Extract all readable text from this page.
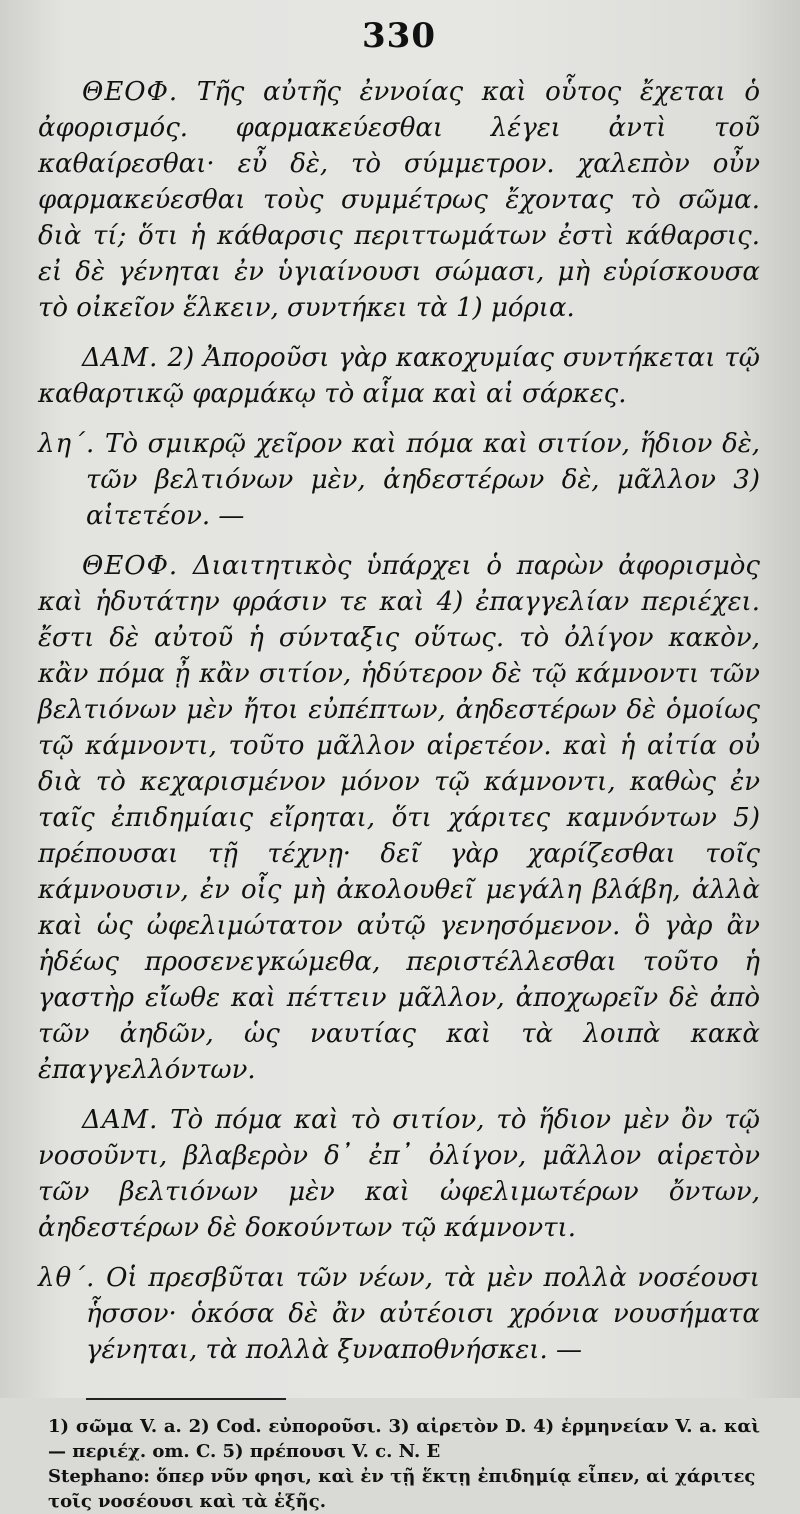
330

ΘΕΟΦ. Τῆς αὐτῆς ἐννοίας καὶ οὗτος ἔχεται ὁ ἀφορισμός. φαρμακεύεσθαι λέγει ἀντὶ τοῦ καθαίρεσθαι· εὖ δὲ, τὸ σύμμετρον. χαλεπὸν οὖν φαρμακεύεσθαι τοὺς συμμέτρως ἔχοντας τὸ σῶμα. διὰ τί; ὅτι ἡ κάθαρσις περιττωμάτων ἐστὶ κάθαρσις. εἰ δὲ γένηται ἐν ὑγιαίνουσι σώμασι, μὴ εὑρίσκουσα τὸ οἰκεῖον ἕλκειν, συντήκει τὰ 1) μόρια.

ΔΑΜ. 2) Ἀποροῦσι γὰρ κακοχυμίας συντήκεται τῷ καθαρτικῷ φαρμάκῳ τὸ αἷμα καὶ αἱ σάρκες.

λη΄. Τὸ σμικρῷ χεῖρον καὶ πόμα καὶ σιτίον, ἥδιον δὲ, τῶν βελτιόνων μὲν, ἀηδεστέρων δὲ, μᾶλλον 3) αἱτετέον. —

ΘΕΟΦ. Διαιτητικὸς ὑπάρχει ὁ παρὼν ἀφορισμὸς καὶ ἡδυτάτην φράσιν τε καὶ 4) ἐπαγγελίαν περιέχει. ἔστι δὲ αὐτοῦ ἡ σύνταξις οὕτως. τὸ ὀλίγον κακὸν, κἂν πόμα ᾖ κἂν σιτίον, ἡδύτερον δὲ τῷ κάμνοντι τῶν βελτιόνων μὲν ἤτοι εὐπέπτων, ἀηδεστέρων δὲ ὁμοίως τῷ κάμνοντι, τοῦτο μᾶλλον αἱρετέον. καὶ ἡ αἰτία οὐ διὰ τὸ κεχαρισμένον μόνον τῷ κάμνοντι, καθὼς ἐν ταῖς ἐπιδημίαις εἴρηται, ὅτι χάριτες καμνόντων 5) πρέπουσαι τῇ τέχνῃ· δεῖ γὰρ χαρίζεσθαι τοῖς κάμνουσιν, ἐν οἷς μὴ ἀκολουθεῖ μεγάλη βλάβη, ἀλλὰ καὶ ὡς ὠφελιμώτατον αὐτῷ γενησόμενον. ὃ γὰρ ἂν ἡδέως προσενεγκώμεθα, περιστέλλεσθαι τοῦτο ἡ γαστὴρ εἴωθε καὶ πέττειν μᾶλλον, ἀποχωρεῖν δὲ ἀπὸ τῶν ἀηδῶν, ὡς ναυτίας καὶ τὰ λοιπὰ κακὰ ἐπαγγελλόντων.

ΔΑΜ. Τὸ πόμα καὶ τὸ σιτίον, τὸ ἥδιον μὲν ὂν τῷ νοσοῦντι, βλαβερὸν δ᾽ ἐπ᾽ ὀλίγον, μᾶλλον αἱρετὸν τῶν βελτιόνων μὲν καὶ ὠφελιμωτέρων ὄντων, ἀηδεστέρων δὲ δοκούντων τῷ κάμνοντι.

λθ΄. Οἱ πρεσβῦται τῶν νέων, τὰ μὲν πολλὰ νοσέουσι ἧσσον· ὁκόσα δὲ ἂν αὐτέοισι χρόνια νουσήματα γένηται, τὰ πολλὰ ξυναποθνήσκει. —

1) σῶμα V. a. 2) Cod. εὐποροῦσι. 3) αἱρετὸν D. 4) ἑρμηνείαν V. a. καὶ — περιέχ. om. C. 5) πρέπουσι V. c. N. E
Stephano: ὅπερ νῦν φησι, καὶ ἐν τῇ ἕκτῃ ἐπιδημίᾳ εἶπεν, αἱ χάριτες
τοῖς νοσέουσι καὶ τὰ ἑξῆς.
